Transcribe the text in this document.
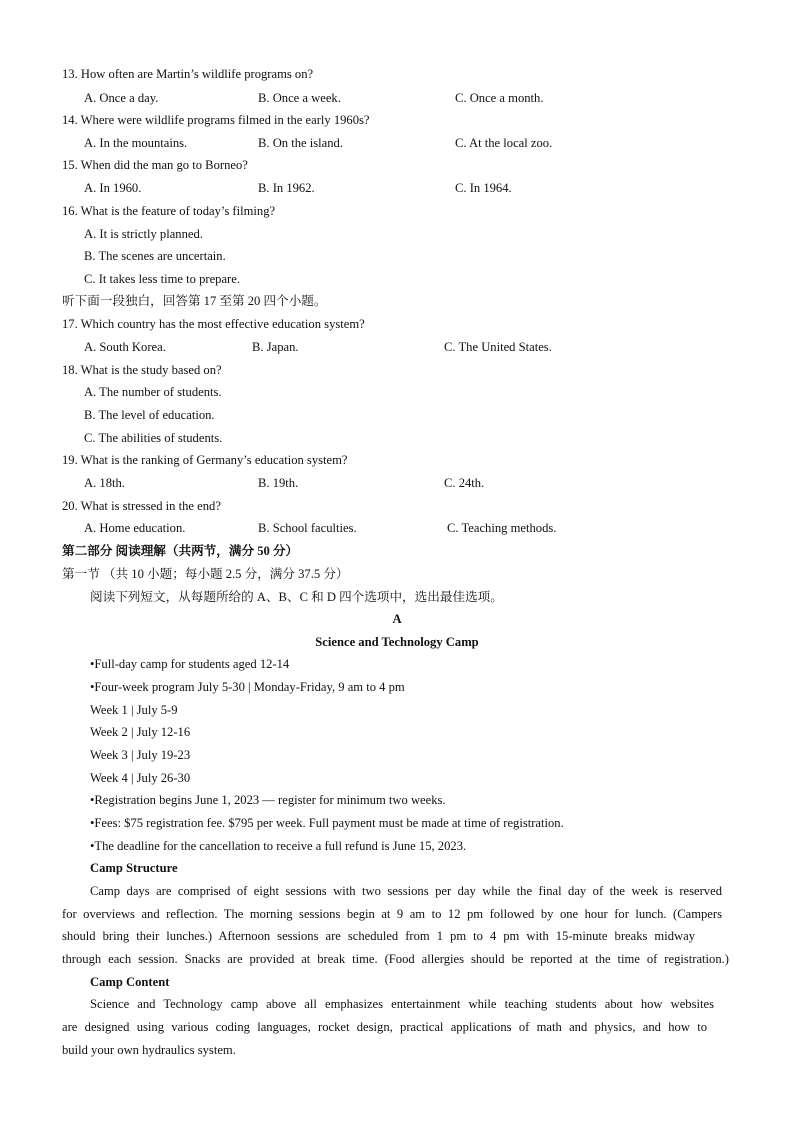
13. How often are Martin’s wildlife programs on?
A. Once a day.	B. Once a week.	C. Once a month.
14. Where were wildlife programs filmed in the early 1960s?
A. In the mountains.	B. On the island.	C. At the local zoo.
15. When did the man go to Borneo?
A. In 1960.	B. In 1962.	C. In 1964.
16. What is the feature of today’s filming?
A. It is strictly planned.
B. The scenes are uncertain.
C. It takes less time to prepare.
听下面一段独白，回答第 17 至第 20 四个小题。
17. Which country has the most effective education system?
A. South Korea.	B. Japan.	C. The United States.
18. What is the study based on?
A. The number of students.
B. The level of education.
C. The abilities of students.
19. What is the ranking of Germany’s education system?
A. 18th.	B. 19th.	C. 24th.
20. What is stressed in the end?
A. Home education.	B. School faculties.	C. Teaching methods.
第二部分 阅读理解（共两节，满分 50 分）
第一节 （共 10 小题；每小题 2.5 分，满分 37.5 分）
阅读下列短文，从每题所给的 A、B、C 和 D 四个选项中，选出最佳选项。
A
Science and Technology Camp
•Full-day camp for students aged 12-14
•Four-week program July 5-30 | Monday-Friday, 9 am to 4 pm
Week 1 | July 5-9
Week 2 | July 12-16
Week 3 | July 19-23
Week 4 | July 26-30
•Registration begins June 1, 2023 — register for minimum two weeks.
•Fees: $75 registration fee. $795 per week. Full payment must be made at time of registration.
•The deadline for the cancellation to receive a full refund is June 15, 2023.
Camp Structure
Camp days are comprised of eight sessions with two sessions per day while the final day of the week is reserved
for overviews and reflection. The morning sessions begin at 9 am to 12 pm followed by one hour for lunch. (Campers
should bring their lunches.) Afternoon sessions are scheduled from 1 pm to 4 pm with 15-minute breaks midway
through each session. Snacks are provided at break time. (Food allergies should be reported at the time of registration.)
Camp Content
Science and Technology camp above all emphasizes entertainment while teaching students about how websites
are designed using various coding languages, rocket design, practical applications of math and physics, and how to
build your own hydraulics system.
